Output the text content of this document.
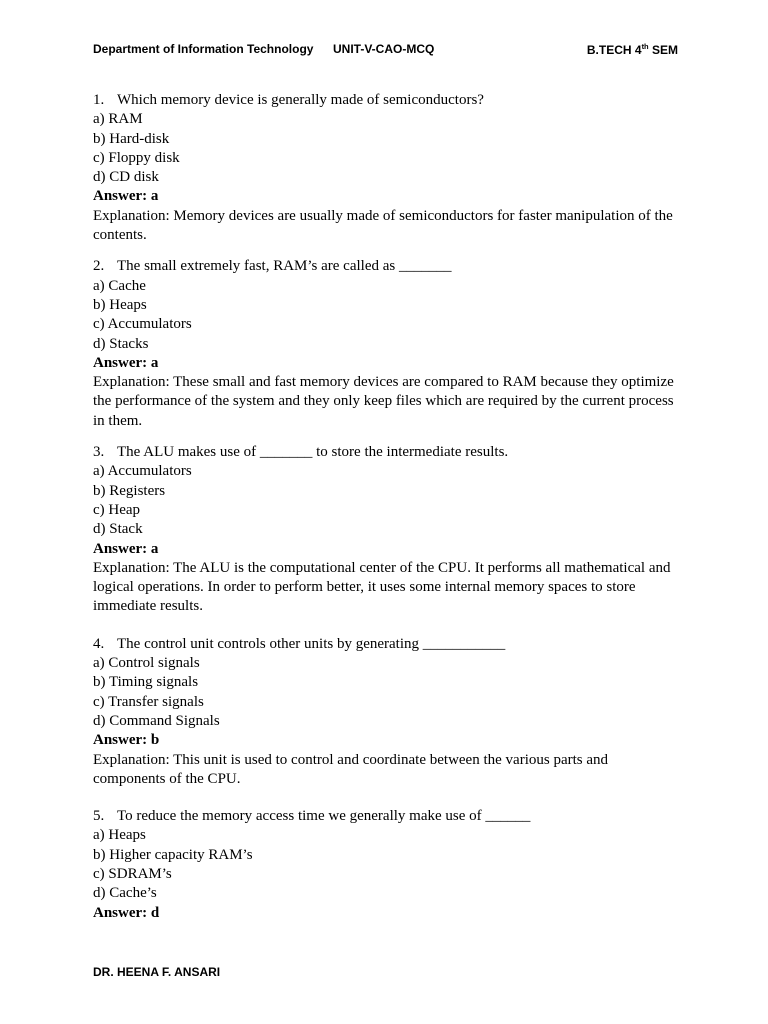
Department of Information Technology UNIT-V-CAO-MCQ	B.TECH 4th SEM
1. Which memory device is generally made of semiconductors?
a) RAM
b) Hard-disk
c) Floppy disk
d) CD disk
Answer: a
Explanation: Memory devices are usually made of semiconductors for faster manipulation of the contents.
2. The small extremely fast, RAM’s are called as _______
a) Cache
b) Heaps
c) Accumulators
d) Stacks
Answer: a
Explanation: These small and fast memory devices are compared to RAM because they optimize the performance of the system and they only keep files which are required by the current process in them.
3. The ALU makes use of _______ to store the intermediate results.
a) Accumulators
b) Registers
c) Heap
d) Stack
Answer: a
Explanation: The ALU is the computational center of the CPU. It performs all mathematical and logical operations. In order to perform better, it uses some internal memory spaces to store immediate results.
4. The control unit controls other units by generating ___________
a) Control signals
b) Timing signals
c) Transfer signals
d) Command Signals
Answer: b
Explanation: This unit is used to control and coordinate between the various parts and components of the CPU.
5. To reduce the memory access time we generally make use of ______
a) Heaps
b) Higher capacity RAM’s
c) SDRAM’s
d) Cache’s
Answer: d
DR. HEENA F. ANSARI
